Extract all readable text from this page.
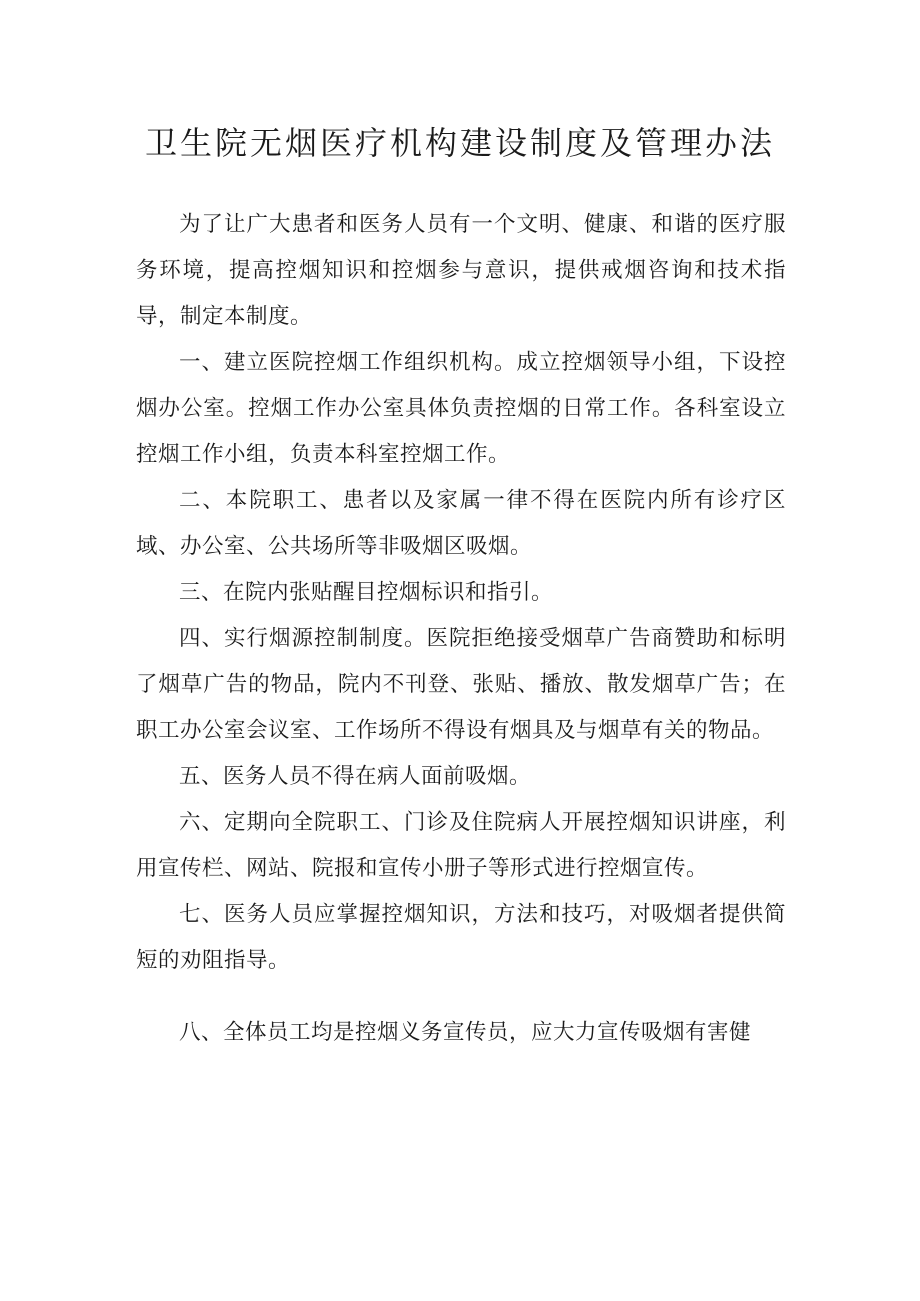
卫生院无烟医疗机构建设制度及管理办法

为了让广大患者和医务人员有一个文明、健康、和谐的医疗服务环境，提高控烟知识和控烟参与意识，提供戒烟咨询和技术指导，制定本制度。

一、建立医院控烟工作组织机构。成立控烟领导小组，下设控烟办公室。控烟工作办公室具体负责控烟的日常工作。各科室设立控烟工作小组，负责本科室控烟工作。

二、本院职工、患者以及家属一律不得在医院内所有诊疗区域、办公室、公共场所等非吸烟区吸烟。

三、在院内张贴醒目控烟标识和指引。

四、实行烟源控制制度。医院拒绝接受烟草广告商赞助和标明了烟草广告的物品，院内不刊登、张贴、播放、散发烟草广告；在职工办公室会议室、工作场所不得设有烟具及与烟草有关的物品。

五、医务人员不得在病人面前吸烟。

六、定期向全院职工、门诊及住院病人开展控烟知识讲座，利用宣传栏、网站、院报和宣传小册子等形式进行控烟宣传。

七、医务人员应掌握控烟知识，方法和技巧，对吸烟者提供简短的劝阻指导。

八、全体员工均是控烟义务宣传员，应大力宣传吸烟有害健
